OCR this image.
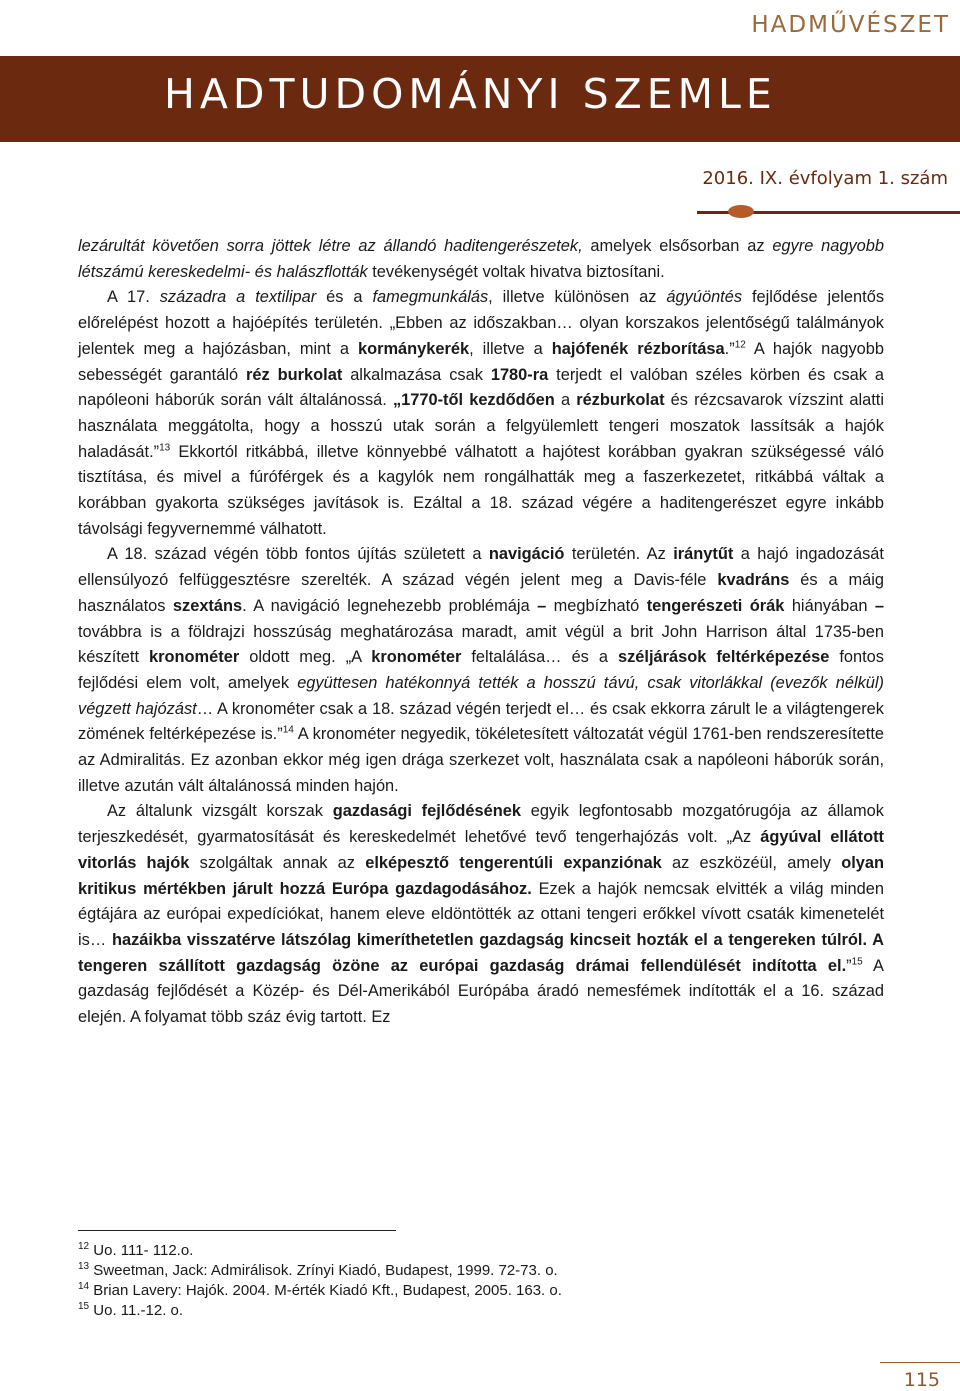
HADMŰVÉSZET
HADTUDOMÁNYI SZEMLE
2016. IX. évfolyam 1. szám

lezárultát követően sorra jöttek létre az állandó haditengerészetek, amelyek elsősorban az egyre nagyobb létszámú kereskedelmi- és halászflották tevékenységét voltak hivatva biztosítani.

A 17. századra a textilipar és a famegmunkálás, illetve különösen az ágyúöntés fejlődése jelentős előrelépést hozott a hajóépítés területén. „Ebben az időszakban… olyan korszakos jelentőségű találmányok jelentek meg a hajózásban, mint a kormánykerék, illetve a hajófenék rézborítása.”$^{12}$ A hajók nagyobb sebességét garantáló réz burkolat alkalmazása csak 1780-ra terjedt el valóban széles körben és csak a napóleoni háborúk során vált általánossá. „1770-től kezdődően a rézburkolat és rézcsavarok vízszint alatti használata meggátolta, hogy a hosszú utak során a felgyülemlett tengeri moszatok lassítsák a hajók haladását.”$^{13}$ Ekkortól ritkábbá, illetve könnyebbé válhatott a hajótest korábban gyakran szükségessé váló tisztítása, és mivel a fúróférgek és a kagylók nem rongálhatták meg a faszerkezetet, ritkábbá váltak a korábban gyakorta szükséges javítások is. Ezáltal a 18. század végére a haditengerészet egyre inkább távolsági fegyvernemmé válhatott.

A 18. század végén több fontos újítás született a navigáció területén. Az iránytűt a hajó ingadozását ellensúlyozó felfüggesztésre szerelték. A század végén jelent meg a Davis-féle kvadráns és a máig használatos szextáns. A navigáció legnehezebb problémája – megbízható tengerészeti órák hiányában – továbbra is a földrajzi hosszúság meghatározása maradt, amit végül a brit John Harrison által 1735-ben készített kronométer oldott meg. „A kronométer feltalálása… és a széljárások feltérképezése fontos fejlődési elem volt, amelyek együttesen hatékonnyá tették a hosszú távú, csak vitorlákkal (evezők nélkül) végzett hajózást… A kronométer csak a 18. század végén terjedt el… és csak ekkorra zárult le a világtengerek zömének feltérképezése is.”$^{14}$ A kronométer negyedik, tökéletesített változatát végül 1761-ben rendszeresítette az Admiralitás. Ez azonban ekkor még igen drága szerkezet volt, használata csak a napóleoni háborúk során, illetve azután vált általánossá minden hajón.

Az általunk vizsgált korszak gazdasági fejlődésének egyik legfontosabb mozgatórugója az államok terjeszkedését, gyarmatosítását és kereskedelmét lehetővé tevő tengerhajózás volt. „Az ágyúval ellátott vitorlás hajók szolgáltak annak az elképesztő tengerentúli expanziónak az eszközéül, amely olyan kritikus mértékben járult hozzá Európa gazdagodásához. Ezek a hajók nemcsak elvitték a világ minden égtájára az európai expedíciókat, hanem eleve eldöntötték az ottani tengeri erőkkel vívott csaták kimenetelét is… hazáikba visszatérve látszólag kimeríthetetlen gazdagság kincseit hozták el a tengereken túlról. A tengeren szállított gazdagság özöne az európai gazdaság drámai fellendülését indította el.”$^{15}$ A gazdaság fejlődését a Közép- és Dél-Amerikából Európába áradó nemesfémek indították el a 16. század elején. A folyamat több száz évig tartott. Ez

$^{12}$ Uo. 111- 112.o.
$^{13}$ Sweetman, Jack: Admirálisok. Zrínyi Kiadó, Budapest, 1999. 72-73. o.
$^{14}$ Brian Lavery: Hajók. 2004. M-érték Kiadó Kft., Budapest, 2005. 163. o.
$^{15}$ Uo. 11.-12. o.
115
